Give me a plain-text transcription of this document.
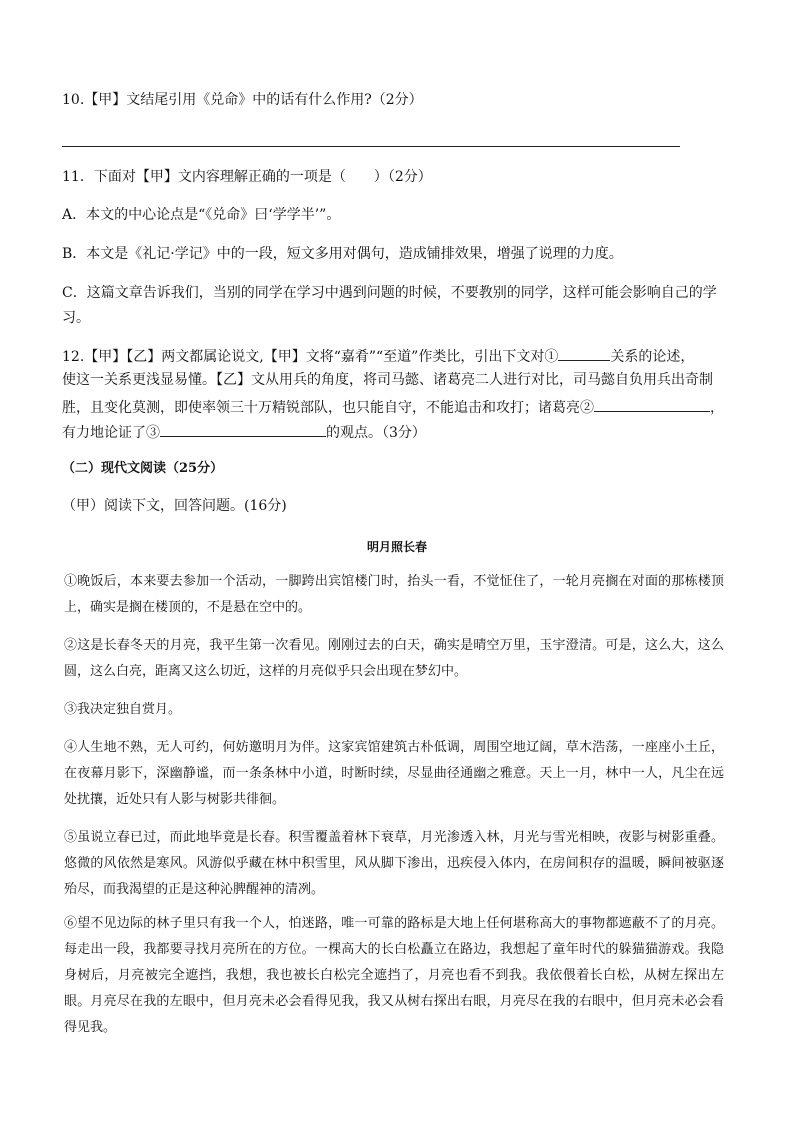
10.【甲】文结尾引用《兑命》中的话有什么作用?（2分）
11．下面对【甲】文内容理解正确的一项是（　　）（2分）
A．本文的中心论点是“《兑命》曰‘学学半’”。
B．本文是《礼记·学记》中的一段，短文多用对偶句，造成铺排效果，增强了说理的力度。
C．这篇文章告诉我们，当别的同学在学习中遇到问题的时候，不要教别的同学，这样可能会影响自己的学
习。
12.【甲】【乙】两文都属论说文,【甲】文将“嘉肴”“至道”作类比，引出下文对①	关系的论述，
使这一关系更浅显易懂。【乙】文从用兵的角度，将司马懿、诸葛亮二人进行对比，司马懿自负用兵出奇制
胜，且变化莫测，即使率领三十万精锐部队，也只能自守，不能追击和攻打；诸葛亮②	，
有力地论证了③	的观点。（3分）
（二）现代文阅读（25分）
（甲）阅读下文，回答问题。(16分)
明月照长春

①晚饭后，本来要去参加一个活动，一脚跨出宾馆楼门时，抬头一看，不觉怔住了，一轮月亮搁在对面的那栋楼顶上，确实是搁在楼顶的，不是悬在空中的。

②这是长春冬天的月亮，我平生第一次看见。刚刚过去的白天，确实是晴空万里，玉宇澄清。可是，这么大，这么圆，这么白亮，距离又这么切近，这样的月亮似乎只会出现在梦幻中。

③我决定独自赏月。

④人生地不熟，无人可约，何妨邀明月为伴。这家宾馆建筑古朴低调，周围空地辽阔，草木浩荡，一座座小土丘，在夜幕月影下，深幽静谧，而一条条林中小道，时断时续，尽显曲径通幽之雅意。天上一月，林中一人，凡尘在远处扰攘，近处只有人影与树影共徘徊。

⑤虽说立春已过，而此地毕竟是长春。积雪覆盖着林下衰草，月光渗透入林，月光与雪光相映，夜影与树影重叠。悠微的风依然是寒风。风游似乎藏在林中积雪里，风从脚下渗出，迅疾侵入体内，在房间积存的温暖，瞬间被驱逐殆尽，而我渴望的正是这种沁脾醒神的清冽。

⑥望不见边际的林子里只有我一个人，怕迷路，唯一可靠的路标是大地上任何堪称高大的事物都遮蔽不了的月亮。每走出一段，我都要寻找月亮所在的方位。一棵高大的长白松矗立在路边，我想起了童年时代的躲猫猫游戏。我隐身树后，月亮被完全遮挡，我想，我也被长白松完全遮挡了，月亮也看不到我。我依偎着长白松，从树左探出左眼。月亮尽在我的左眼中，但月亮未必会看得见我，我又从树右探出右眼，月亮尽在我的右眼中，但月亮未必会看得见我。
